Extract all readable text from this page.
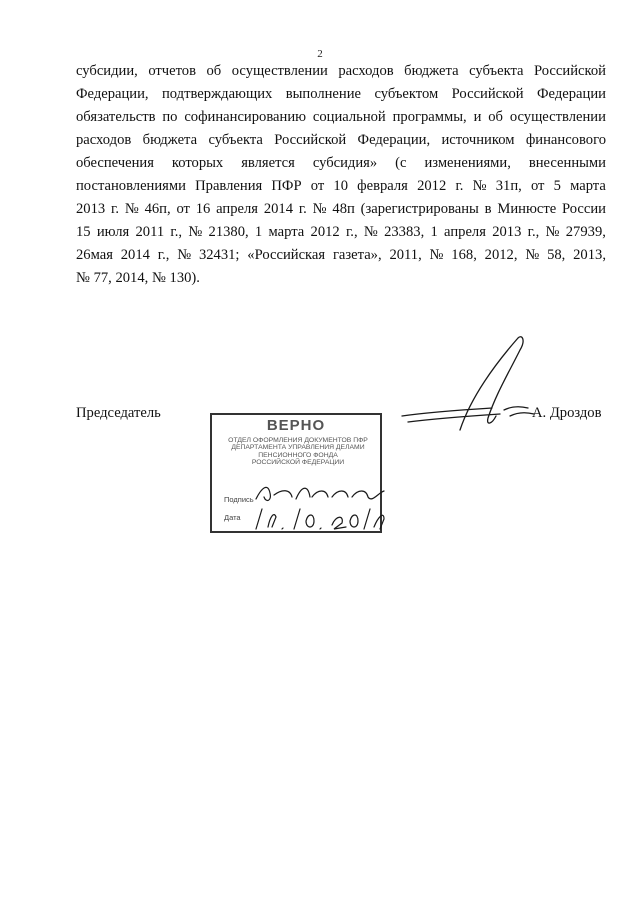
2
субсидии, отчетов об осуществлении расходов бюджета субъекта Российской
Федерации, подтверждающих выполнение субъектом Российской Федерации
обязательств по софинансированию социальной программы, и об осуществлении
расходов бюджета субъекта Российской Федерации, источником финансового
обеспечения которых является субсидия» (с изменениями, внесенными
постановлениями Правления ПФР от 10 февраля 2012 г. № 31п, от 5 марта
2013 г. № 46п, от 16 апреля 2014 г. № 48п (зарегистрированы в Минюсте России
15 июля 2011 г., № 21380, 1 марта 2012 г., № 23383, 1 апреля 2013 г., № 27939,
26мая 2014 г., № 32431; «Российская газета», 2011, № 168, 2012, № 58, 2013,
№ 77, 2014, № 130).
Председатель	А. Дроздов
ВЕРНО
ОТДЕЛ ОФОРМЛЕНИЯ ДОКУМЕНТОВ ПФР
ДЕПАРТАМЕНТА УПРАВЛЕНИЯ ДЕЛАМИ
ПЕНСИОННОГО ФОНДА
РОССИЙСКОЙ ФЕДЕРАЦИИ
Подпись
Дата
